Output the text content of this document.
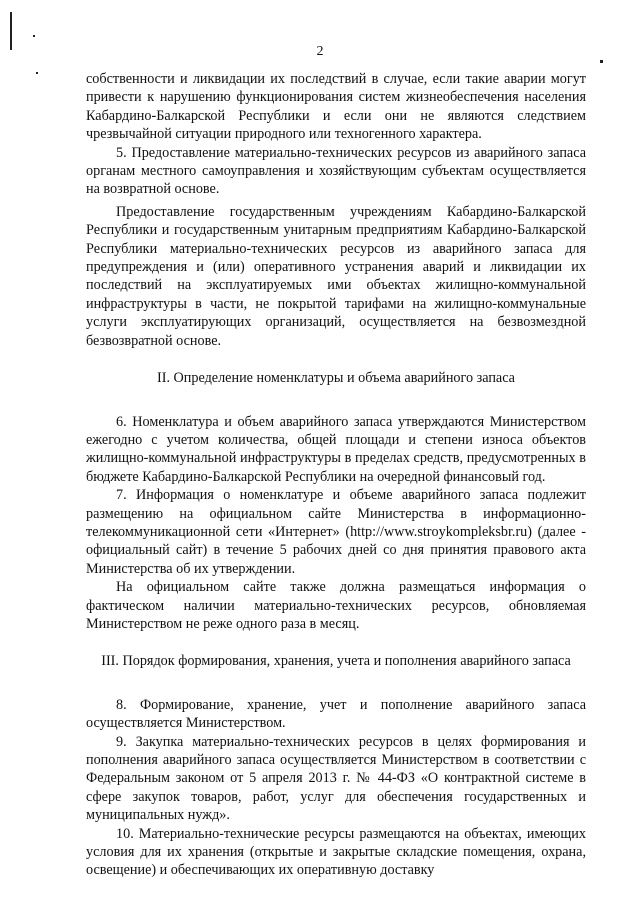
2

собственности и ликвидации их последствий в случае, если такие аварии могут привести к нарушению функционирования систем жизнеобеспечения населения Кабардино-Балкарской Республики и если они не являются следствием чрезвычайной ситуации природного или техногенного характера.

5. Предоставление материально-технических ресурсов из аварийного запаса органам местного самоуправления и хозяйствующим субъектам осуществляется на возвратной основе.

Предоставление государственным учреждениям Кабардино-Балкарской Республики и государственным унитарным предприятиям Кабардино-Балкарской Республики материально-технических ресурсов из аварийного запаса для предупреждения и (или) оперативного устранения аварий и ликвидации их последствий на эксплуатируемых ими объектах жилищно-коммунальной инфраструктуры в части, не покрытой тарифами на жилищно-коммунальные услуги эксплуатирующих организаций, осуществляется на безвозмездной безвозвратной основе.

II. Определение номенклатуры и объема аварийного запаса

6. Номенклатура и объем аварийного запаса утверждаются Министерством ежегодно с учетом количества, общей площади и степени износа объектов жилищно-коммунальной инфраструктуры в пределах средств, предусмотренных в бюджете Кабардино-Балкарской Республики на очередной финансовый год.

7. Информация о номенклатуре и объеме аварийного запаса подлежит размещению на официальном сайте Министерства в информационно-телекоммуникационной сети «Интернет» (http://www.stroykompleksbr.ru) (далее - официальный сайт) в течение 5 рабочих дней со дня принятия правового акта Министерства об их утверждении.

На официальном сайте также должна размещаться информация о фактическом наличии материально-технических ресурсов, обновляемая Министерством не реже одного раза в месяц.

III. Порядок формирования, хранения, учета и пополнения аварийного запаса

8. Формирование, хранение, учет и пополнение аварийного запаса осуществляется Министерством.

9. Закупка материально-технических ресурсов в целях формирования и пополнения аварийного запаса осуществляется Министерством в соответствии с Федеральным законом от 5 апреля 2013 г. № 44-ФЗ «О контрактной системе в сфере закупок товаров, работ, услуг для обеспечения государственных и муниципальных нужд».

10. Материально-технические ресурсы размещаются на объектах, имеющих условия для их хранения (открытые и закрытые складские помещения, охрана, освещение) и обеспечивающих их оперативную доставку
